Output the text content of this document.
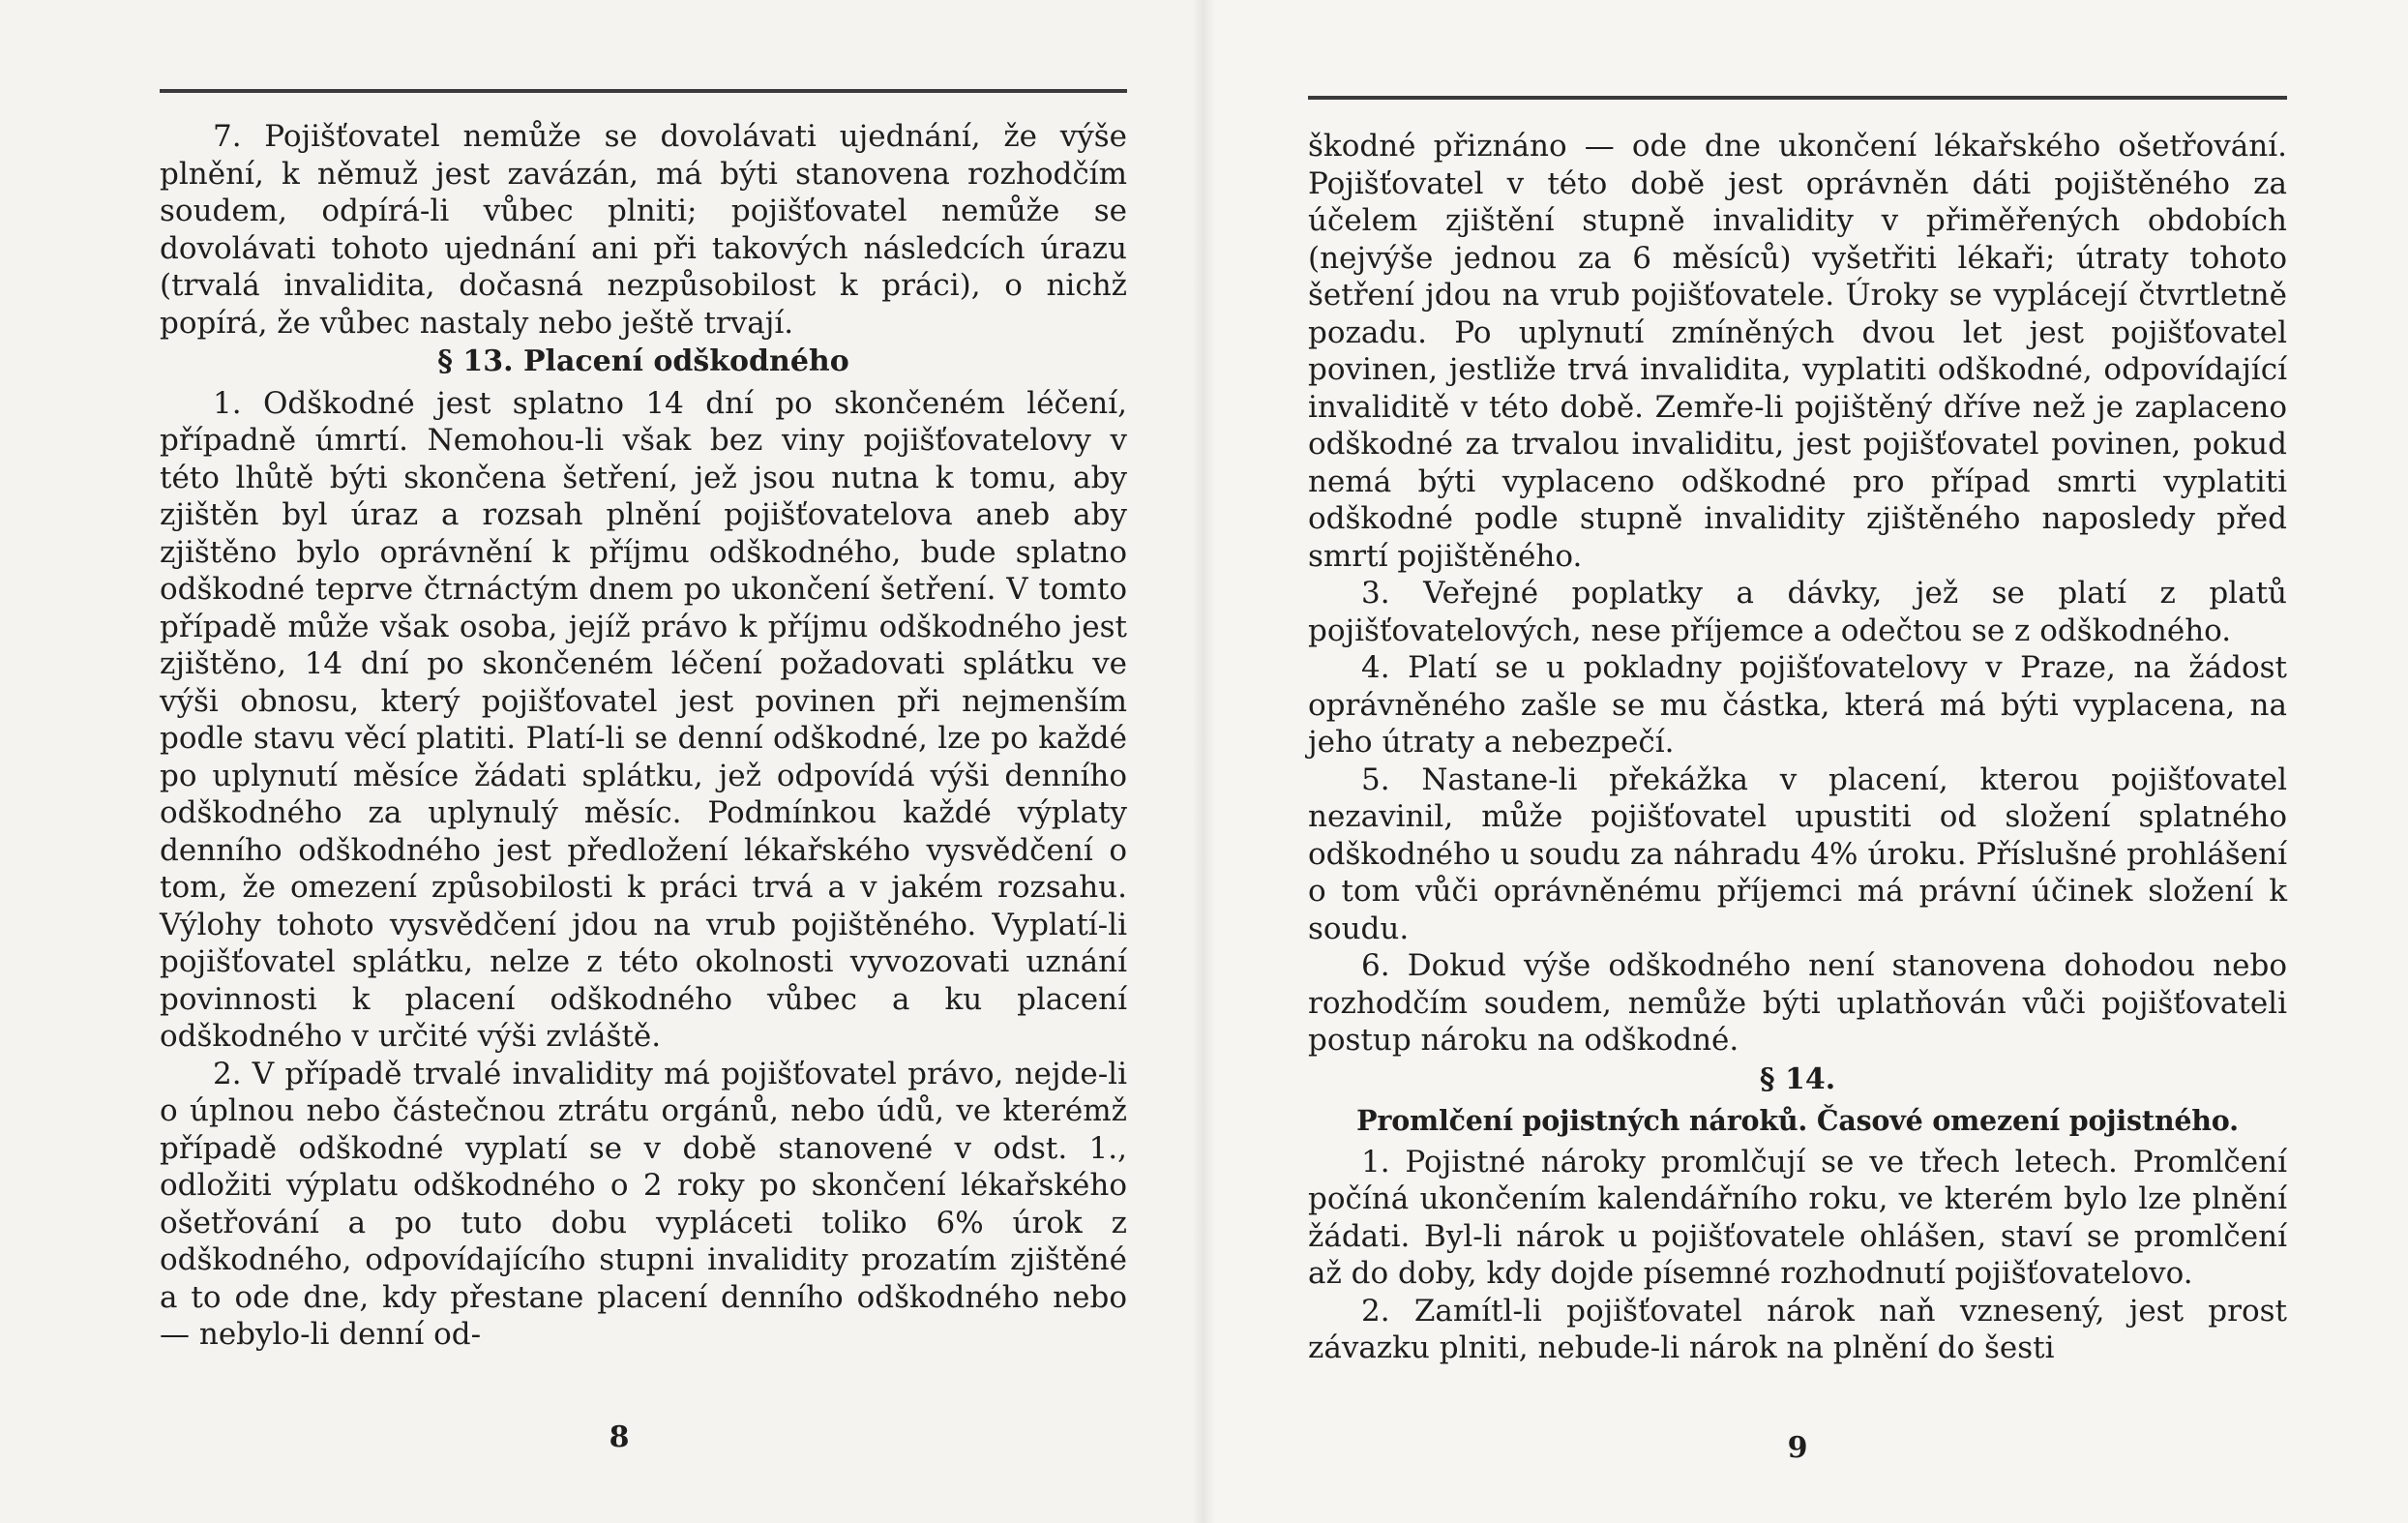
7. Pojišťovatel nemůže se dovolávati ujednání, že výše plnění, k němuž jest zavázán, má býti stanovena rozhodčím soudem, odpírá-li vůbec plniti; pojišťovatel nemůže se dovolávati tohoto ujednání ani při takových následcích úrazu (trvalá invalidita, dočasná nezpůsobilost k práci), o nichž popírá, že vůbec nastaly nebo ještě trvají.

§ 13. Placení odškodného

1. Odškodné jest splatno 14 dní po skončeném léčení, případně úmrtí. Nemohou-li však bez viny pojišťovatelovy v této lhůtě býti skončena šetření, jež jsou nutna k tomu, aby zjištěn byl úraz a rozsah plnění pojišťovatelova aneb aby zjištěno bylo oprávnění k příjmu odškodného, bude splatno odškodné teprve čtrnáctým dnem po ukončení šetření. V tomto případě může však osoba, jejíž právo k příjmu odškodného jest zjištěno, 14 dní po skončeném léčení požadovati splátku ve výši obnosu, který pojišťovatel jest povinen při nejmenším podle stavu věcí platiti. Platí-li se denní odškodné, lze po každé po uplynutí měsíce žádati splátku, jež odpovídá výši denního odškodného za uplynulý měsíc. Podmínkou každé výplaty denního odškodného jest předložení lékařského vysvědčení o tom, že omezení způsobilosti k práci trvá a v jakém rozsahu. Výlohy tohoto vysvědčení jdou na vrub pojištěného. Vyplatí-li pojišťovatel splátku, nelze z této okolnosti vyvozovati uznání povinnosti k placení odškodného vůbec a ku placení odškodného v určité výši zvláště.

2. V případě trvalé invalidity má pojišťovatel právo, nejde-li o úplnou nebo částečnou ztrátu orgánů, nebo údů, ve kterémž případě odškodné vyplatí se v době stanovené v odst. 1., odložiti výplatu odškodného o 2 roky po skončení lékařského ošetřování a po tuto dobu vypláceti toliko 6% úrok z odškodného, odpovídajícího stupni invalidity prozatím zjištěné a to ode dne, kdy přestane placení denního odškodného nebo — nebylo-li denní od-

8

škodné přiznáno — ode dne ukončení lékařského ošetřování. Pojišťovatel v této době jest oprávněn dáti pojištěného za účelem zjištění stupně invalidity v přiměřených obdobích (nejvýše jednou za 6 měsíců) vyšetřiti lékaři; útraty tohoto šetření jdou na vrub pojišťovatele. Úroky se vyplácejí čtvrtletně pozadu. Po uplynutí zmíněných dvou let jest pojišťovatel povinen, jestliže trvá invalidita, vyplatiti odškodné, odpovídající invaliditě v této době. Zemře-li pojištěný dříve než je zaplaceno odškodné za trvalou invaliditu, jest pojišťovatel povinen, pokud nemá býti vyplaceno odškodné pro případ smrti vyplatiti odškodné podle stupně invalidity zjištěného naposledy před smrtí pojištěného.

3. Veřejné poplatky a dávky, jež se platí z platů pojišťovatelových, nese příjemce a odečtou se z odškodného.

4. Platí se u pokladny pojišťovatelovy v Praze, na žádost oprávněného zašle se mu částka, která má býti vyplacena, na jeho útraty a nebezpečí.

5. Nastane-li překážka v placení, kterou pojišťovatel nezavinil, může pojišťovatel upustiti od složení splatného odškodného u soudu za náhradu 4% úroku. Příslušné prohlášení o tom vůči oprávněnému příjemci má právní účinek složení k soudu.

6. Dokud výše odškodného není stanovena dohodou nebo rozhodčím soudem, nemůže býti uplatňován vůči pojišťovateli postup nároku na odškodné.

§ 14.
Promlčení pojistných nároků. Časové omezení pojistného.

1. Pojistné nároky promlčují se ve třech letech. Promlčení počíná ukončením kalendářního roku, ve kterém bylo lze plnění žádati. Byl-li nárok u pojišťovatele ohlášen, staví se promlčení až do doby, kdy dojde písemné rozhodnutí pojišťovatelovo.

2. Zamítl-li pojišťovatel nárok naň vznesený, jest prost závazku plniti, nebude-li nárok na plnění do šesti

9
